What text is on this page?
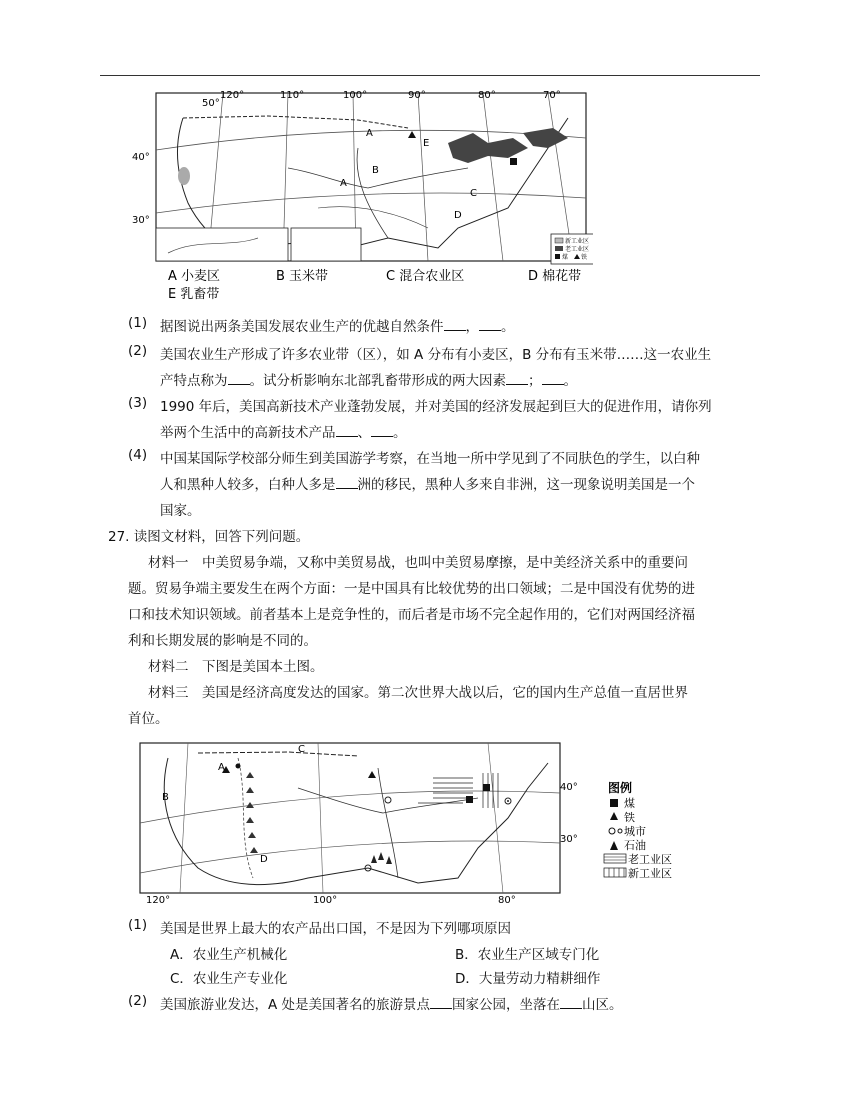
A
E
A
B
C
D
120°	110°	100°	90°	80°	70°
50°
40°
30°
新工业区
老工业区
煤 铁
A 小麦区	B 玉米带	C 混合农业区	D 棉花带
E 乳畜带
(1) 据图说出两条美国发展农业生产的优越自然条件 ， 。
(2) 美国农业生产形成了许多农业带（区），如 A 分布有小麦区，B 分布有玉米带……这一农业生
产特点称为 。试分析影响东北部乳畜带形成的两大因素 ； 。
(3) 1990 年后，美国高新技术产业蓬勃发展，并对美国的经济发展起到巨大的促进作用，请你列
举两个生活中的高新技术产品 、 。
(4) 中国某国际学校部分师生到美国游学考察，在当地一所中学见到了不同肤色的学生，以白种
人和黑种人较多，白种人多是 洲的移民，黑种人多来自非洲，这一现象说明美国是一个
国家。
27. 读图文材料，回答下列问题。
材料一　中美贸易争端，又称中美贸易战，也叫中美贸易摩擦，是中美经济关系中的重要问
题。贸易争端主要发生在两个方面：一是中国具有比较优势的出口领域；二是中国没有优势的进
口和技术知识领域。前者基本上是竞争性的，而后者是市场不完全起作用的，它们对两国经济福
利和长期发展的影响是不同的。
材料二　下图是美国本土图。
材料三　美国是经济高度发达的国家。第二次世界大战以后，它的国内生产总值一直居世界
首位。
C
A
B
D
40°
30°
120°	100°	80°
图例
煤
铁
城市
石油
老工业区
新工业区
(1) 美国是世界上最大的农产品出口国，不是因为下列哪项原因
A．农业生产机械化	B．农业生产区域专门化
C．农业生产专业化	D．大量劳动力精耕细作
(2) 美国旅游业发达，A 处是美国著名的旅游景点 国家公园，坐落在 山区。
